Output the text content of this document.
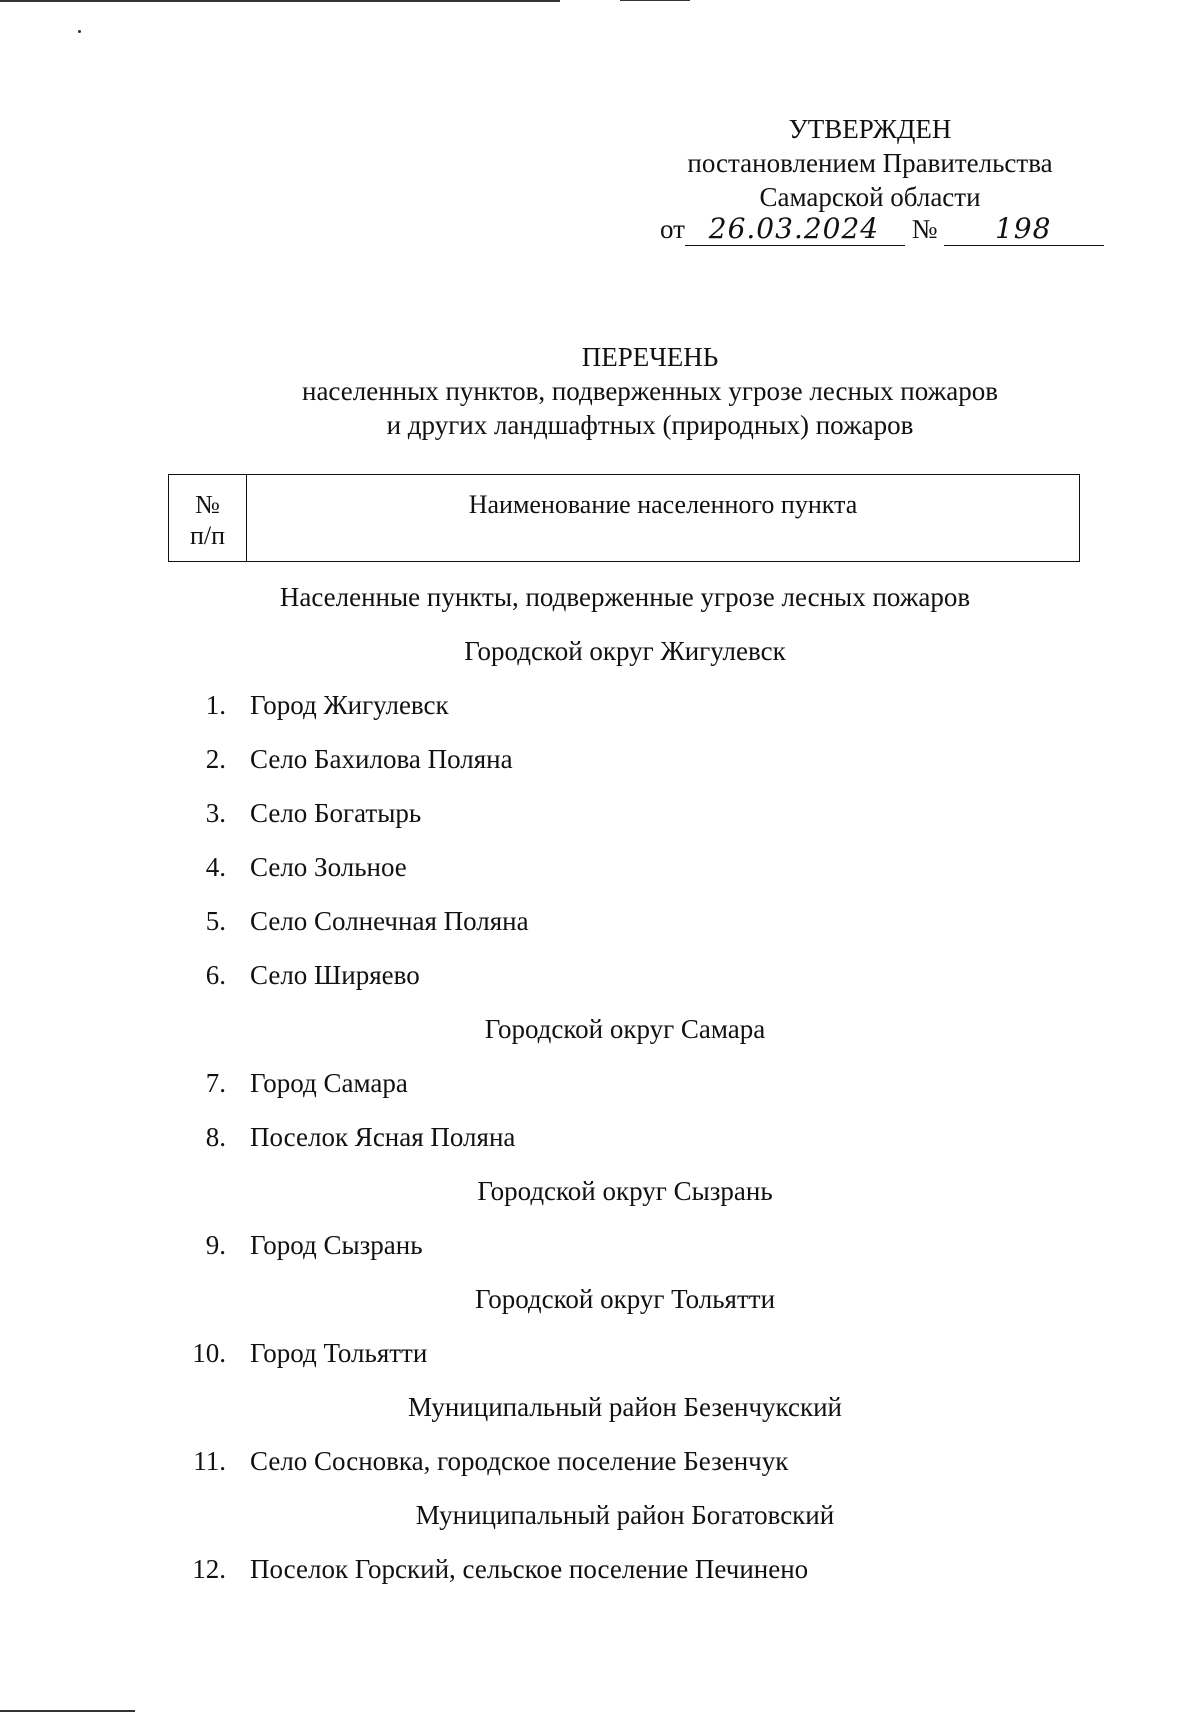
УТВЕРЖДЕН
постановлением Правительства
Самарской области
от 26.03.2024 № 198
ПЕРЕЧЕНЬ
населенных пунктов, подверженных угрозе лесных пожаров
и других ландшафтных (природных) пожаров
№
п/п
Наименование населенного пункта
Населенные пункты, подверженные угрозе лесных пожаров
Городской округ Жигулевск
1. Город Жигулевск
2. Село Бахилова Поляна
3. Село Богатырь
4. Село Зольное
5. Село Солнечная Поляна
6. Село Ширяево
Городской округ Самара
7. Город Самара
8. Поселок Ясная Поляна
Городской округ Сызрань
9. Город Сызрань
Городской округ Тольятти
10. Город Тольятти
Муниципальный район Безенчукский
11. Село Сосновка, городское поселение Безенчук
Муниципальный район Богатовский
12. Поселок Горский, сельское поселение Печинено
